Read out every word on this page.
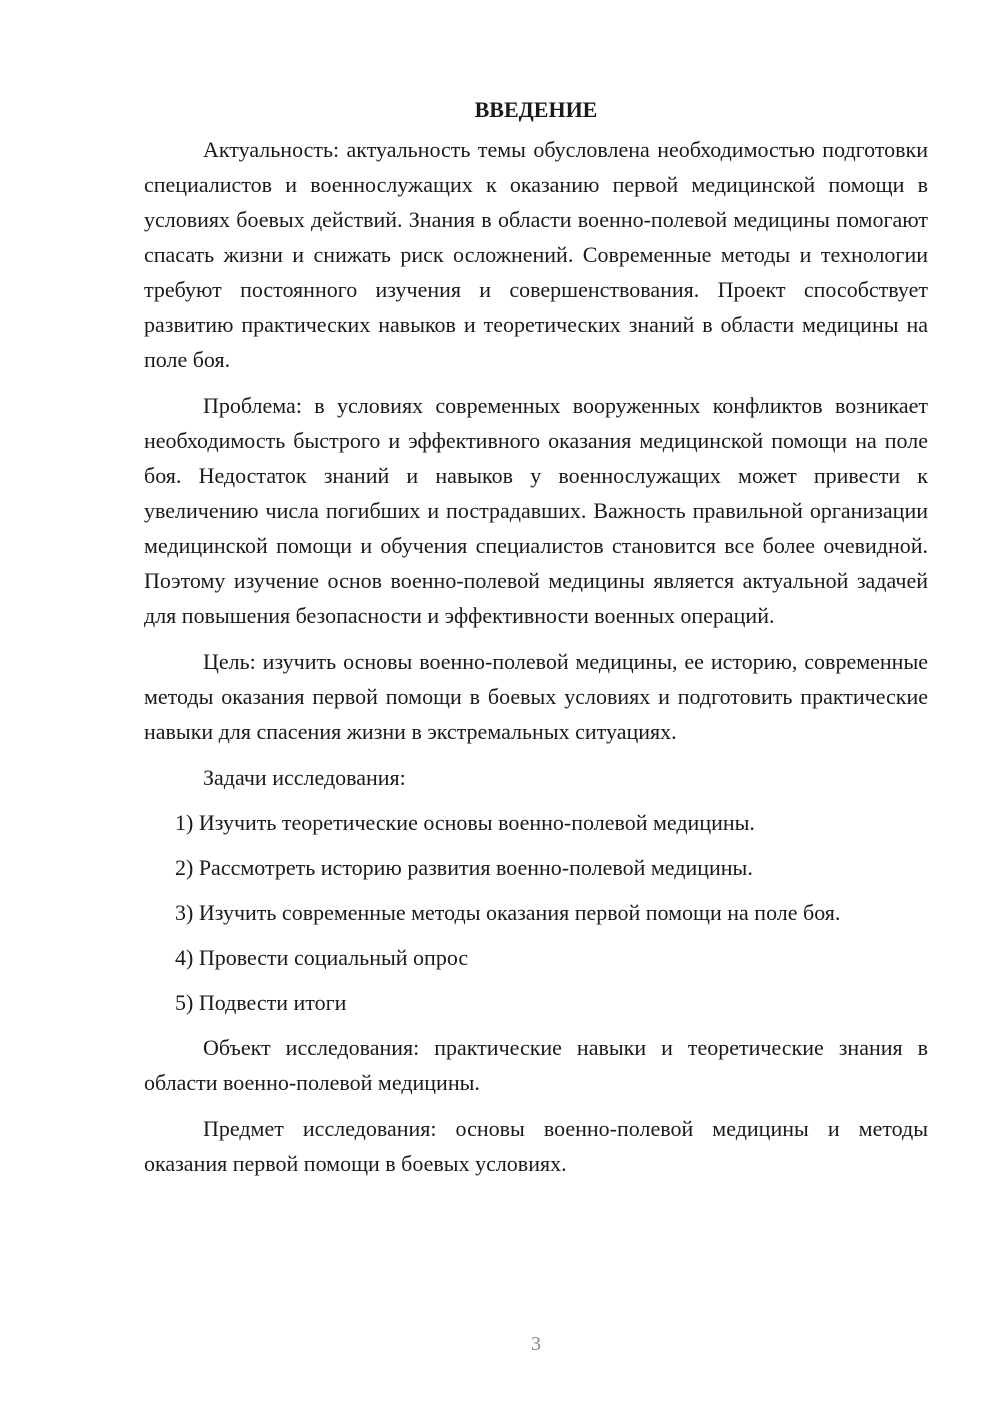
ВВЕДЕНИЕ

Актуальность: актуальность темы обусловлена необходимостью подготовки специалистов и военнослужащих к оказанию первой медицинской помощи в условиях боевых действий. Знания в области военно-полевой медицины помогают спасать жизни и снижать риск осложнений. Современные методы и технологии требуют постоянного изучения и совершенствования. Проект способствует развитию практических навыков и теоретических знаний в области медицины на поле боя.

Проблема: в условиях современных вооруженных конфликтов возникает необходимость быстрого и эффективного оказания медицинской помощи на поле боя. Недостаток знаний и навыков у военнослужащих может привести к увеличению числа погибших и пострадавших. Важность правильной организации медицинской помощи и обучения специалистов становится все более очевидной. Поэтому изучение основ военно-полевой медицины является актуальной задачей для повышения безопасности и эффективности военных операций.

Цель: изучить основы военно-полевой медицины, ее историю, современные методы оказания первой помощи в боевых условиях и подготовить практические навыки для спасения жизни в экстремальных ситуациях.

Задачи исследования:

1) Изучить теоретические основы военно-полевой медицины.
2) Рассмотреть историю развития военно-полевой медицины.
3) Изучить современные методы оказания первой помощи на поле боя.
4) Провести социальный опрос
5) Подвести итоги

Объект исследования: практические навыки и теоретические знания в области военно-полевой медицины.

Предмет исследования: основы военно-полевой медицины и методы оказания первой помощи в боевых условиях.

3
